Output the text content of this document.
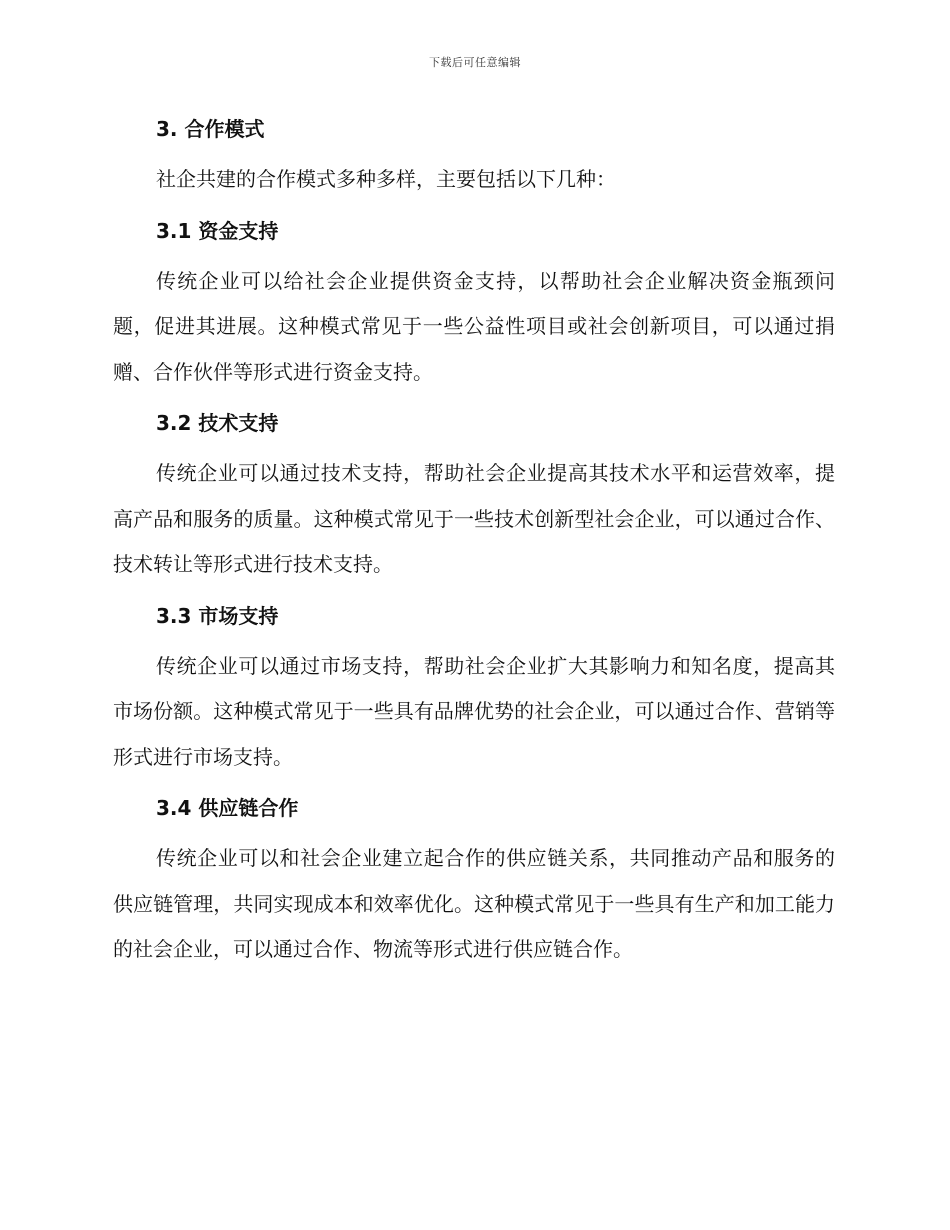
下载后可任意编辑
3. 合作模式

社企共建的合作模式多种多样，主要包括以下几种：

3.1 资金支持

传统企业可以给社会企业提供资金支持，以帮助社会企业解决资金瓶颈问题，促进其进展。这种模式常见于一些公益性项目或社会创新项目，可以通过捐赠、合作伙伴等形式进行资金支持。

3.2 技术支持

传统企业可以通过技术支持，帮助社会企业提高其技术水平和运营效率，提高产品和服务的质量。这种模式常见于一些技术创新型社会企业，可以通过合作、技术转让等形式进行技术支持。

3.3 市场支持

传统企业可以通过市场支持，帮助社会企业扩大其影响力和知名度，提高其市场份额。这种模式常见于一些具有品牌优势的社会企业，可以通过合作、营销等形式进行市场支持。

3.4 供应链合作

传统企业可以和社会企业建立起合作的供应链关系，共同推动产品和服务的供应链管理，共同实现成本和效率优化。这种模式常见于一些具有生产和加工能力的社会企业，可以通过合作、物流等形式进行供应链合作。
